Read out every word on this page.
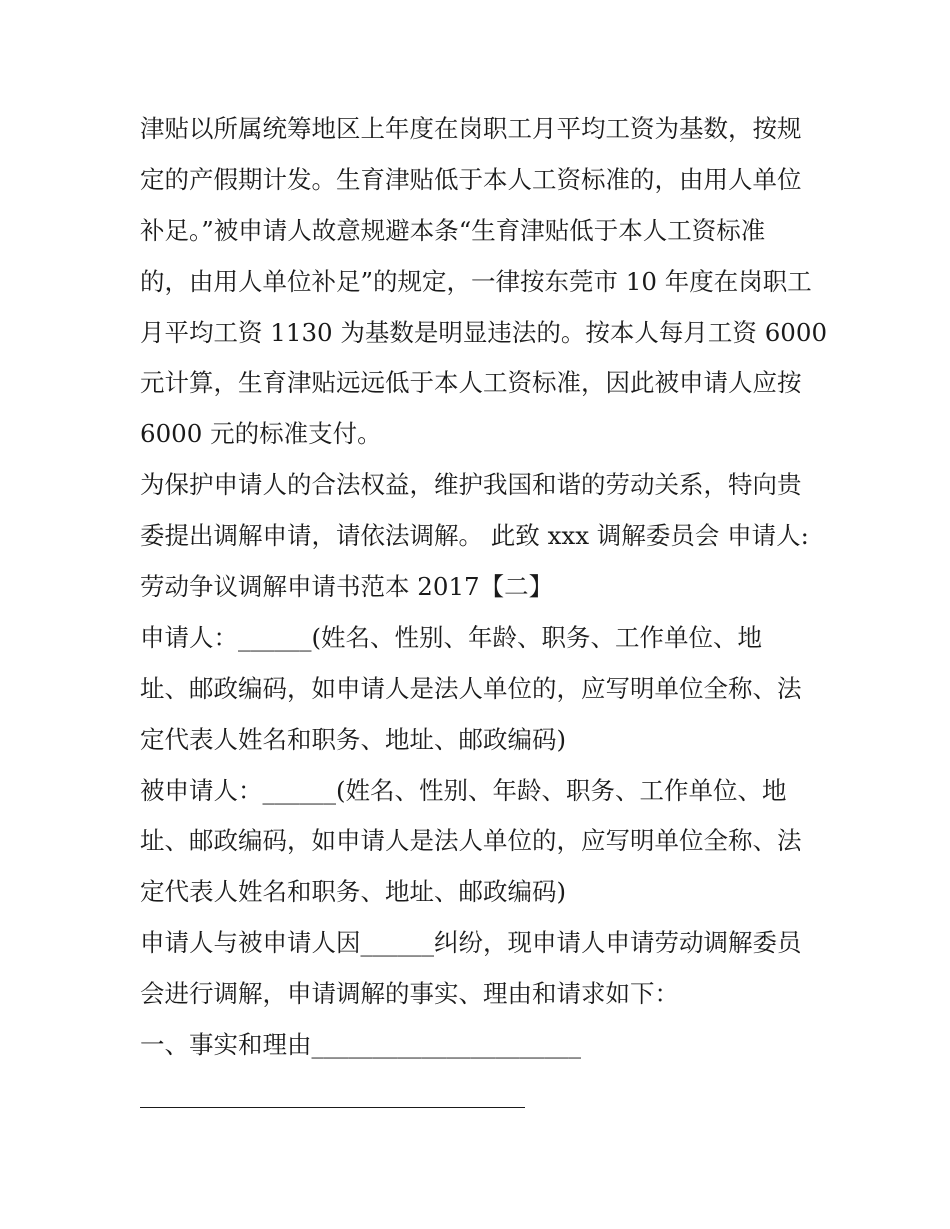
津贴以所属统筹地区上年度在岗职工月平均工资为基数，按规
定的产假期计发。生育津贴低于本人工资标准的，由用人单位
补足。”被申请人故意规避本条“生育津贴低于本人工资标准
的，由用人单位补足”的规定，一律按东莞市 10 年度在岗职工
月平均工资 1130 为基数是明显违法的。按本人每月工资 6000
元计算，生育津贴远远低于本人工资标准，因此被申请人应按
6000 元的标准支付。
为保护申请人的合法权益，维护我国和谐的劳动关系，特向贵
委提出调解申请，请依法调解。 此致 xxx 调解委员会 申请人:
劳动争议调解申请书范本 2017【二】
申请人：______(姓名、性别、年龄、职务、工作单位、地
址、邮政编码，如申请人是法人单位的，应写明单位全称、法
定代表人姓名和职务、地址、邮政编码)
被申请人：______(姓名、性别、年龄、职务、工作单位、地
址、邮政编码，如申请人是法人单位的，应写明单位全称、法
定代表人姓名和职务、地址、邮政编码)
申请人与被申请人因______纠纷，现申请人申请劳动调解委员
会进行调解，申请调解的事实、理由和请求如下：
一、事实和理由______________________
